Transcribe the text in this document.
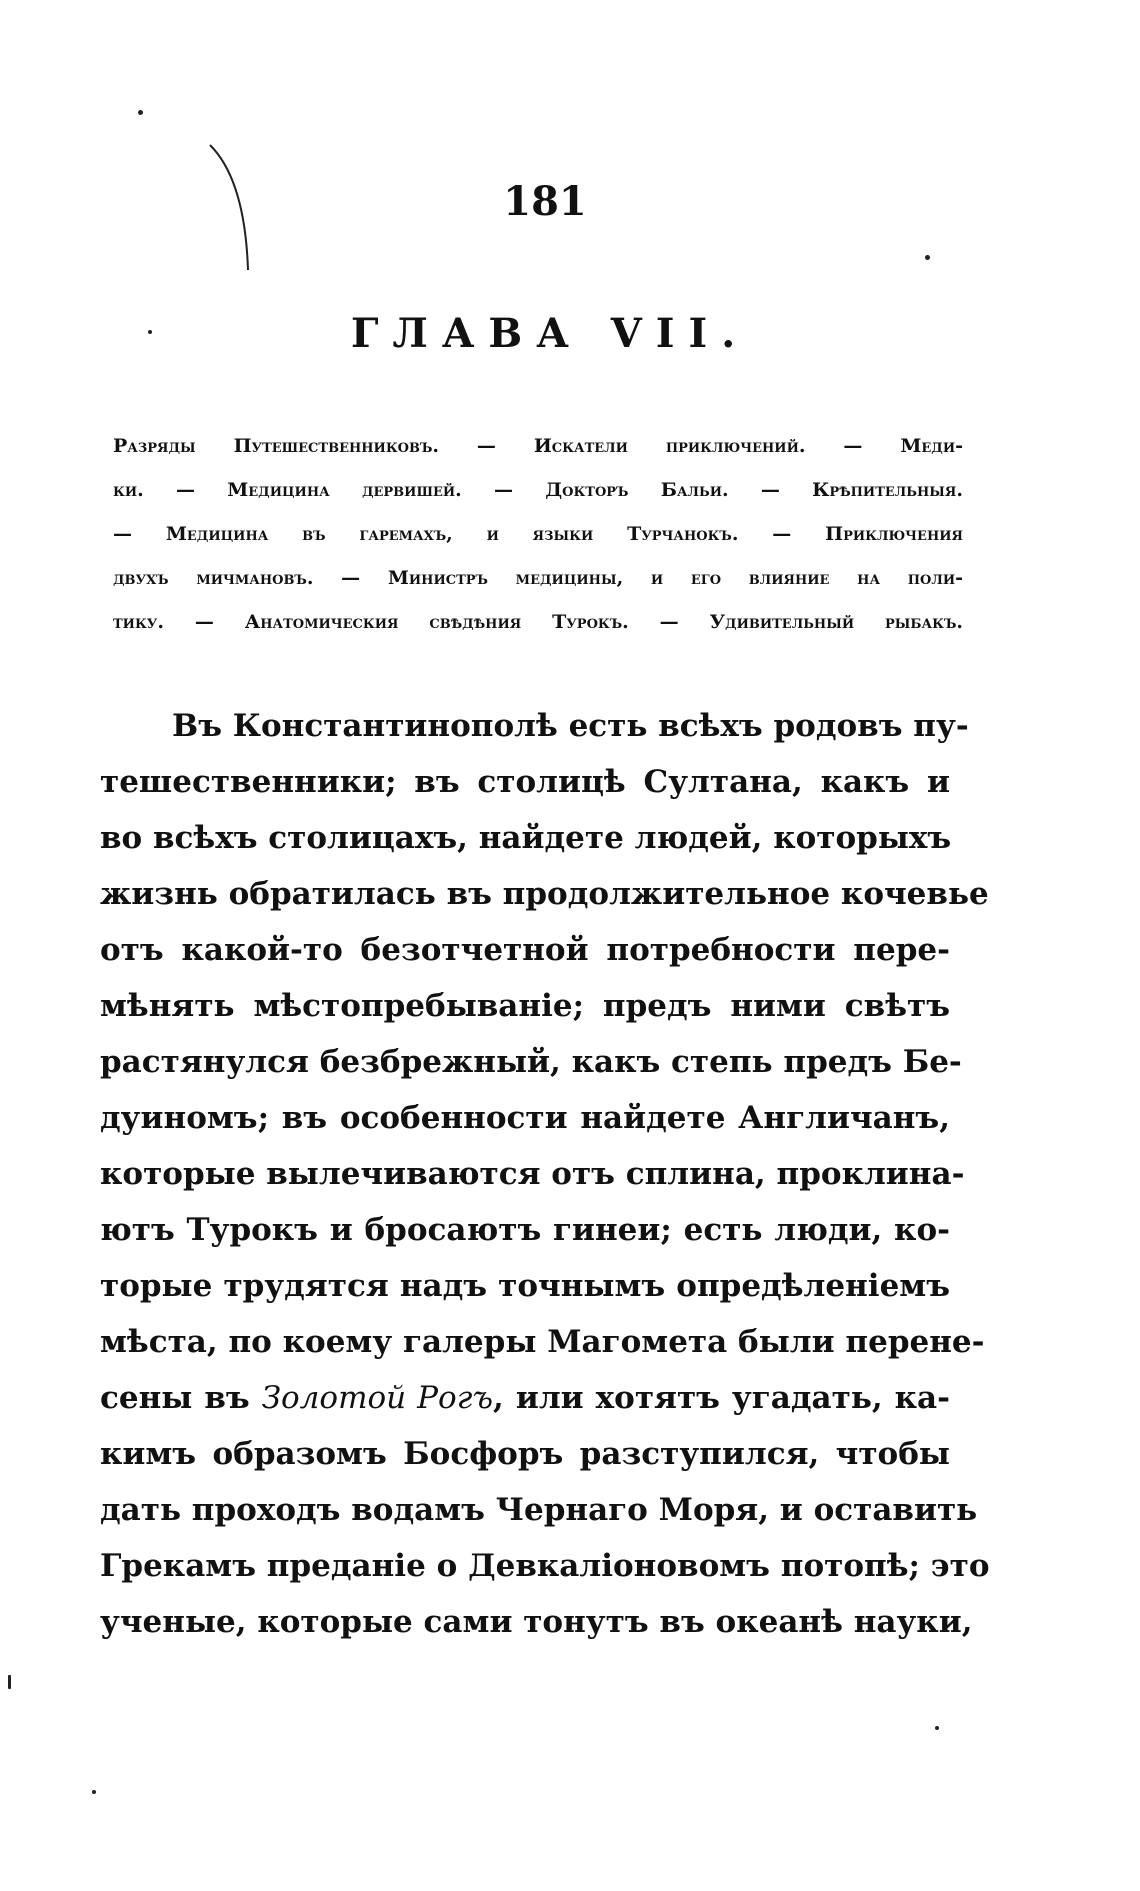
181
ГЛАВА VII.
Разряды Путешественниковъ. — Искатели приключений. — Меди-
ки. — Медицина дервишей. — Докторъ Бальи. — Крѣпительныя.
— Медицина въ гаремахъ, и языки Турчанокъ. — Приключения
двухъ мичмановъ. — Министръ медицины, и его влияние на поли-
тику. — Анатомическия свѣдѣния Турокъ. — Удивительный рыбакъ.
Въ Константинополѣ есть всѣхъ родовъ пу-
тешественники; въ столицѣ Султана, какъ и
во всѣхъ столицахъ, найдете людей, которыхъ
жизнь обратилась въ продолжительное кочевье
отъ какой-то безотчетной потребности пере-
мѣнять мѣстопребываніе; предъ ними свѣтъ
растянулся безбрежный, какъ степь предъ Бе-
дуиномъ; въ особенности найдете Англичанъ,
которые вылечиваются отъ сплина, проклина-
ютъ Турокъ и бросаютъ гинеи; есть люди, ко-
торые трудятся надъ точнымъ опредѣленіемъ
мѣста, по коему галеры Магомета были перене-
сены въ Золотой Рогъ, или хотятъ угадать, ка-
кимъ образомъ Босфоръ разступился, чтобы
дать проходъ водамъ Чернаго Моря, и оставить
Грекамъ преданіе о Девкаліоновомъ потопѣ; это
ученые, которые сами тонутъ въ океанѣ науки,
